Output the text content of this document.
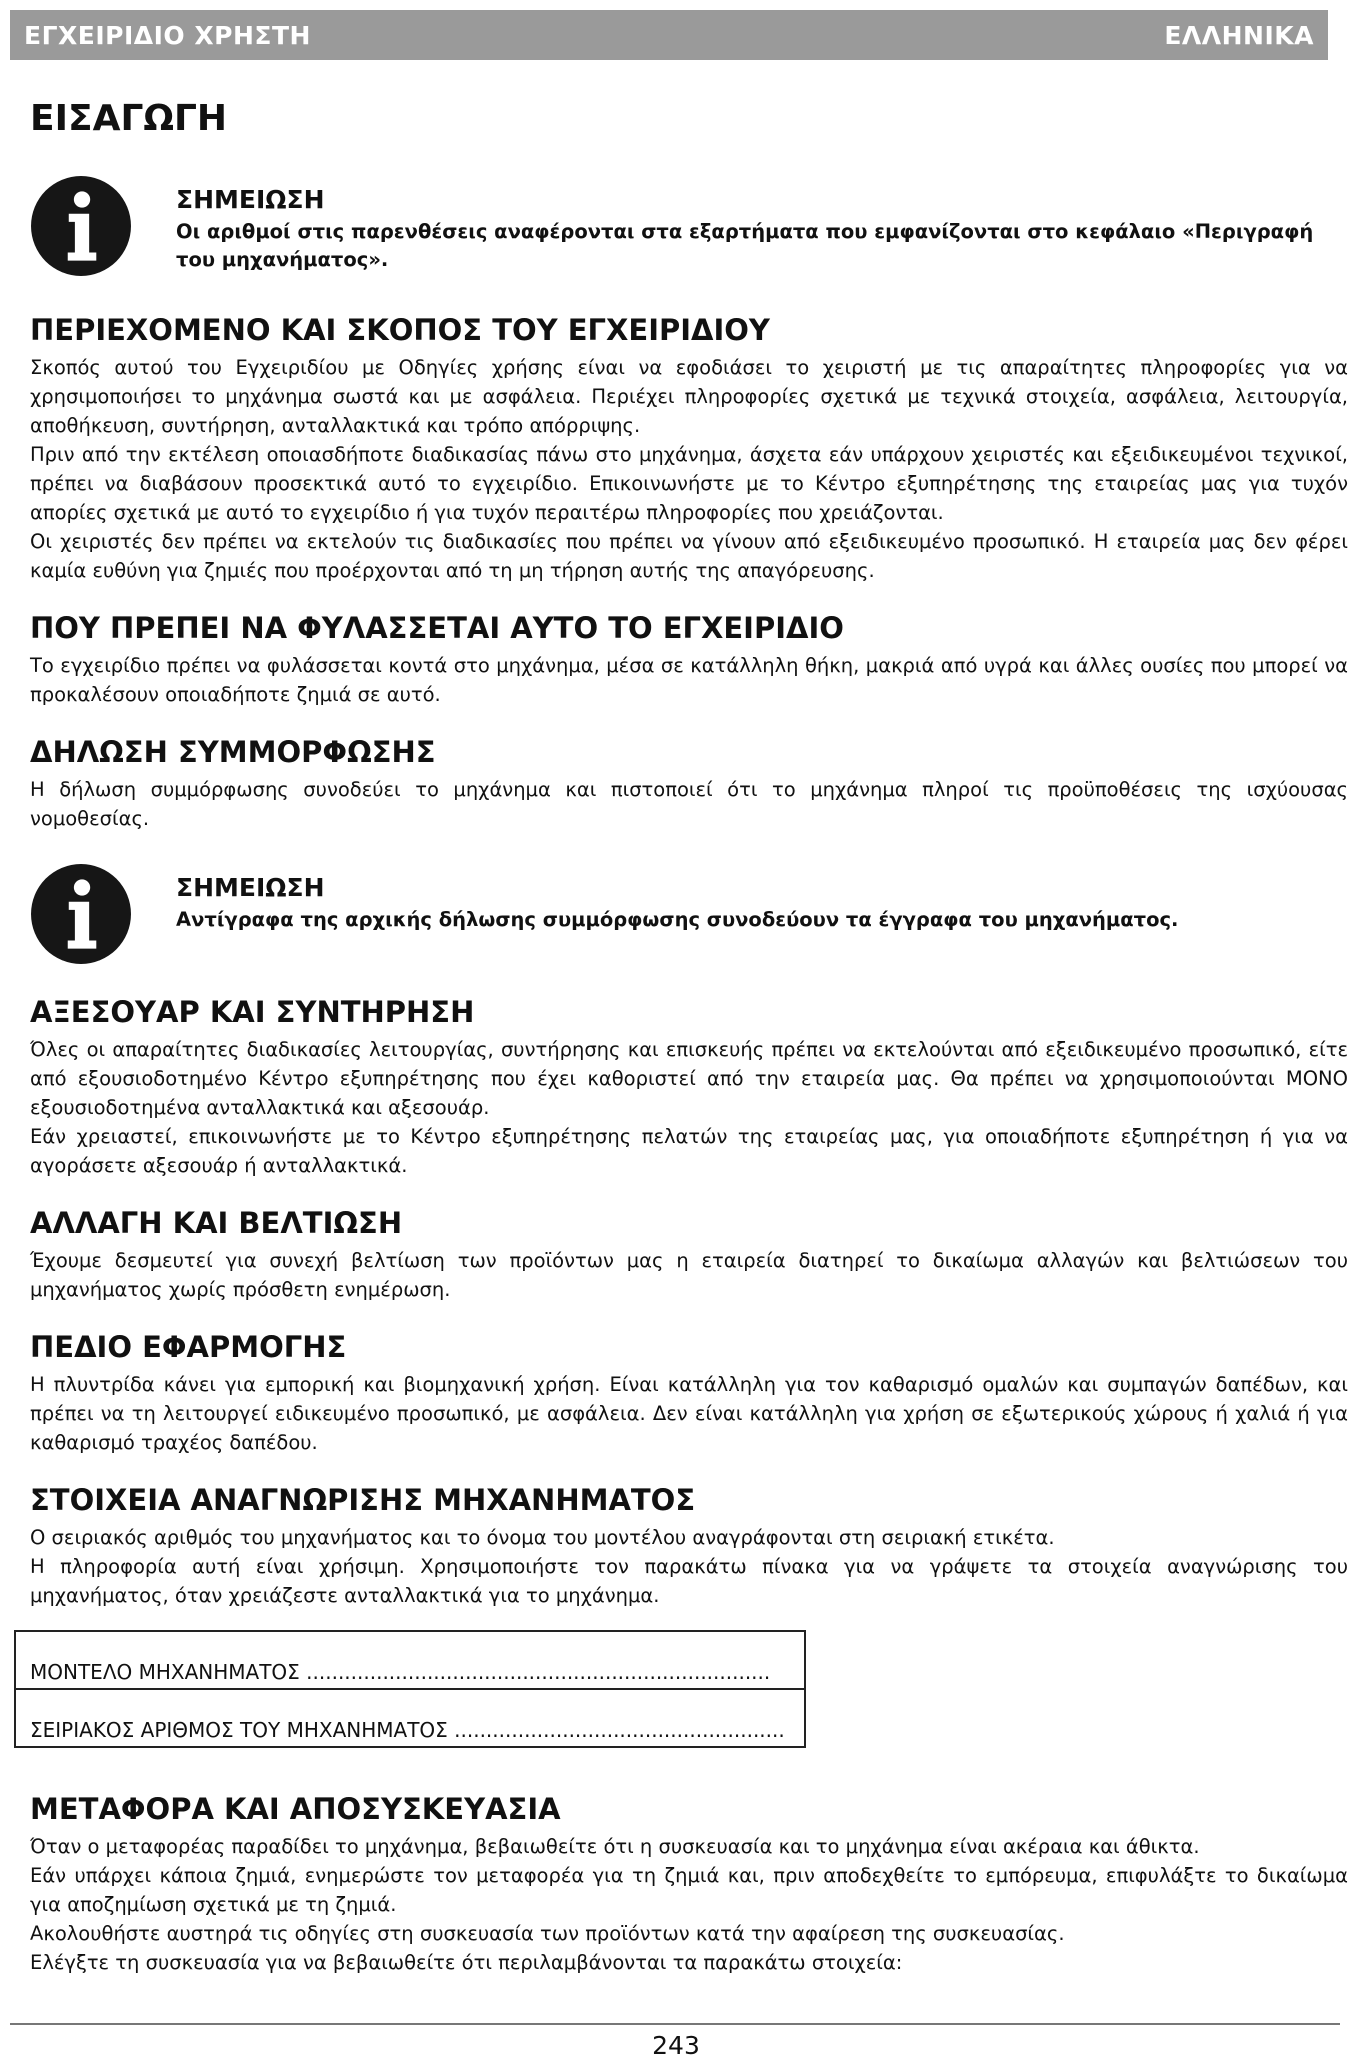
ΕΓΧΕΙΡΙΔΙΟ ΧΡΗΣΤΗ	ΕΛΛΗΝΙΚΑ
ΕΙΣΑΓΩΓΗ

ΣΗΜΕΙΩΣΗ

Οι αριθμοί στις παρενθέσεις αναφέρονται στα εξαρτήματα που εμφανίζονται στο κεφάλαιο «Περιγραφή του μηχανήματος».

ΠΕΡΙΕΧΟΜΕΝΟ ΚΑΙ ΣΚΟΠΟΣ ΤΟΥ ΕΓΧΕΙΡΙΔΙΟΥ

Σκοπός αυτού του Εγχειριδίου με Οδηγίες χρήσης είναι να εφοδιάσει το χειριστή με τις απαραίτητες πληροφορίες για να χρησιμοποιήσει το μηχάνημα σωστά και με ασφάλεια. Περιέχει πληροφορίες σχετικά με τεχνικά στοιχεία, ασφάλεια, λειτουργία, αποθήκευση, συντήρηση, ανταλλακτικά και τρόπο απόρριψης.

Πριν από την εκτέλεση οποιασδήποτε διαδικασίας πάνω στο μηχάνημα, άσχετα εάν υπάρχουν χειριστές και εξειδικευμένοι τεχνικοί, πρέπει να διαβάσουν προσεκτικά αυτό το εγχειρίδιο. Επικοινωνήστε με το Κέντρο εξυπηρέτησης της εταιρείας μας για τυχόν απορίες σχετικά με αυτό το εγχειρίδιο ή για τυχόν περαιτέρω πληροφορίες που χρειάζονται.

Οι χειριστές δεν πρέπει να εκτελούν τις διαδικασίες που πρέπει να γίνουν από εξειδικευμένο προσωπικό. Η εταιρεία μας δεν φέρει καμία ευθύνη για ζημιές που προέρχονται από τη μη τήρηση αυτής της απαγόρευσης.

ΠΟΥ ΠΡΕΠΕΙ ΝΑ ΦΥΛΑΣΣΕΤΑΙ ΑΥΤΟ ΤΟ ΕΓΧΕΙΡΙΔΙΟ

Το εγχειρίδιο πρέπει να φυλάσσεται κοντά στο μηχάνημα, μέσα σε κατάλληλη θήκη, μακριά από υγρά και άλλες ουσίες που μπορεί να προκαλέσουν οποιαδήποτε ζημιά σε αυτό.

ΔΗΛΩΣΗ ΣΥΜΜΟΡΦΩΣΗΣ

Η δήλωση συμμόρφωσης συνοδεύει το μηχάνημα και πιστοποιεί ότι το μηχάνημα πληροί τις προϋποθέσεις της ισχύουσας νομοθεσίας.

ΣΗΜΕΙΩΣΗ

Αντίγραφα της αρχικής δήλωσης συμμόρφωσης συνοδεύουν τα έγγραφα του μηχανήματος.

ΑΞΕΣΟΥΑΡ ΚΑΙ ΣΥΝΤΗΡΗΣΗ

Όλες οι απαραίτητες διαδικασίες λειτουργίας, συντήρησης και επισκευής πρέπει να εκτελούνται από εξειδικευμένο προσωπικό, είτε από εξουσιοδοτημένο Κέντρο εξυπηρέτησης που έχει καθοριστεί από την εταιρεία μας. Θα πρέπει να χρησιμοποιούνται ΜΟΝΟ εξουσιοδοτημένα ανταλλακτικά και αξεσουάρ.

Εάν χρειαστεί, επικοινωνήστε με το Κέντρο εξυπηρέτησης πελατών της εταιρείας μας, για οποιαδήποτε εξυπηρέτηση ή για να αγοράσετε αξεσουάρ ή ανταλλακτικά.

ΑΛΛΑΓΗ ΚΑΙ ΒΕΛΤΙΩΣΗ

Έχουμε δεσμευτεί για συνεχή βελτίωση των προϊόντων μας η εταιρεία διατηρεί το δικαίωμα αλλαγών και βελτιώσεων του μηχανήματος χωρίς πρόσθετη ενημέρωση.

ΠΕΔΙΟ ΕΦΑΡΜΟΓΗΣ

Η πλυντρίδα κάνει για εμπορική και βιομηχανική χρήση. Είναι κατάλληλη για τον καθαρισμό ομαλών και συμπαγών δαπέδων, και πρέπει να τη λειτουργεί ειδικευμένο προσωπικό, με ασφάλεια. Δεν είναι κατάλληλη για χρήση σε εξωτερικούς χώρους ή χαλιά ή για καθαρισμό τραχέος δαπέδου.

ΣΤΟΙΧΕΙΑ ΑΝΑΓΝΩΡΙΣΗΣ ΜΗΧΑΝΗΜΑΤΟΣ

Ο σειριακός αριθμός του μηχανήματος και το όνομα του μοντέλου αναγράφονται στη σειριακή ετικέτα.

Η πληροφορία αυτή είναι χρήσιμη. Χρησιμοποιήστε τον παρακάτω πίνακα για να γράψετε τα στοιχεία αναγνώρισης του μηχανήματος, όταν χρειάζεστε ανταλλακτικά για το μηχάνημα.

ΜΟΝΤΕΛΟ ΜΗΧΑΝΗΜΑΤΟΣ .........................................................................
ΣΕΙΡΙΑΚΟΣ ΑΡΙΘΜΟΣ ΤΟΥ ΜΗΧΑΝΗΜΑΤΟΣ ....................................................
ΜΕΤΑΦΟΡΑ ΚΑΙ ΑΠΟΣΥΣΚΕΥΑΣΙΑ

Όταν ο μεταφορέας παραδίδει το μηχάνημα, βεβαιωθείτε ότι η συσκευασία και το μηχάνημα είναι ακέραια και άθικτα.

Εάν υπάρχει κάποια ζημιά, ενημερώστε τον μεταφορέα για τη ζημιά και, πριν αποδεχθείτε το εμπόρευμα, επιφυλάξτε το δικαίωμα για αποζημίωση σχετικά με τη ζημιά.

Ακολουθήστε αυστηρά τις οδηγίες στη συσκευασία των προϊόντων κατά την αφαίρεση της συσκευασίας.

Ελέγξτε τη συσκευασία για να βεβαιωθείτε ότι περιλαμβάνονται τα παρακάτω στοιχεία:

243
